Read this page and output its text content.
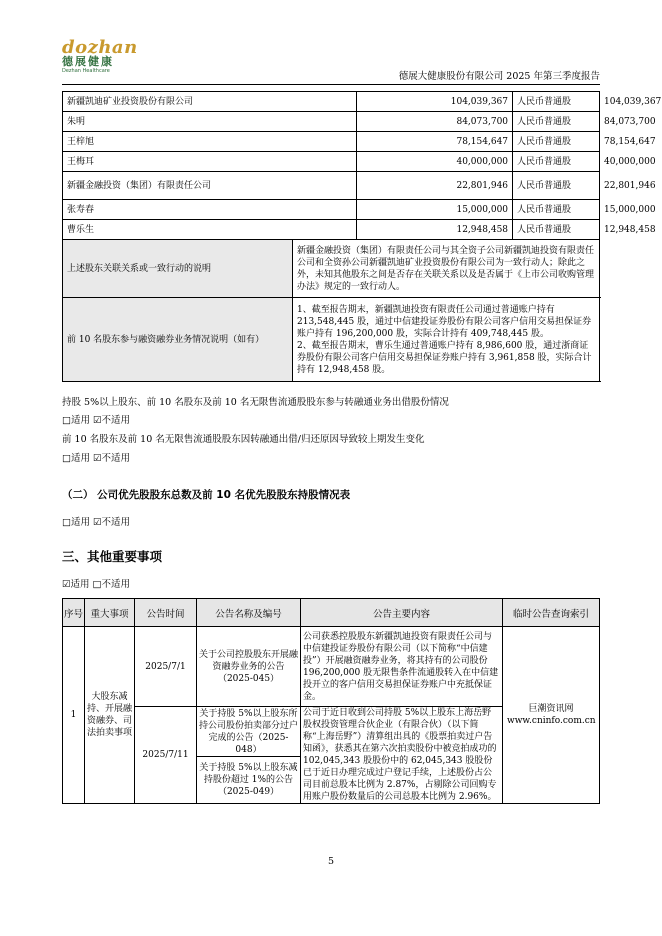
dozhan
德展健康
Dezhan Healthcare	德展大健康股份有限公司 2025 年第三季度报告
新疆凯迪矿业投资股份有限公司		104,039,367	人民币普通股	104,039,367
朱明		84,073,700	人民币普通股	84,073,700
王梓旭		78,154,647	人民币普通股	78,154,647
王梅耳		40,000,000	人民币普通股	40,000,000
新疆金融投资（集团）有限责任公司		22,801,946	人民币普通股	22,801,946
张寿春		15,000,000	人民币普通股	15,000,000
曹乐生		12,948,458	人民币普通股	12,948,458
上述股东关联关系或一致行动的说明	新疆金融投资（集团）有限责任公司与其全资子公司新疆凯迪投资有限责任公司和全资孙公司新疆凯迪矿业投资股份有限公司为一致行动人；除此之外，未知其他股东之间是否存在关联关系以及是否属于《上市公司收购管理办法》规定的一致行动人。			
前 10 名股东参与融资融券业务情况说明（如有）	1、截至报告期末，新疆凯迪投资有限责任公司通过普通账户持有 213,548,445 股，通过中信建投证券股份有限公司客户信用交易担保证券账户持有 196,200,000 股，实际合计持有 409,748,445 股。
2、截至报告期末，曹乐生通过普通账户持有 8,986,600 股，通过浙商证券股份有限公司客户信用交易担保证券账户持有 3,961,858 股，实际合计持有 12,948,458 股。			
持股 5%以上股东、前 10 名股东及前 10 名无限售流通股股东参与转融通业务出借股份情况
□适用 ☑不适用
前 10 名股东及前 10 名无限售流通股股东因转融通出借/归还原因导致较上期发生变化
□适用 ☑不适用
（二） 公司优先股股东总数及前 10 名优先股股东持股情况表
□适用 ☑不适用
三、其他重要事项
☑适用 □不适用
序号	重大事项	公告时间	公告名称及编号	公告主要内容	临时公告查询索引
1	大股东减持、开展融资融券、司法拍卖事项	2025/7/1	关于公司控股股东开展融资融券业务的公告（2025-045）	公司获悉控股股东新疆凯迪投资有限责任公司与中信建投证券股份有限公司（以下简称“中信建投”）开展融资融券业务，将其持有的公司股份 196,200,000 股无限售条件流通股转入在中信建投开立的客户信用交易担保证券账户中充抵保证金。	巨潮资讯网 www.cninfo.com.cn
		2025/7/11	关于持股 5%以上股东所持公司股份拍卖部分过户完成的公告（2025-048）	公司于近日收到公司持股 5%以上股东上海岳野股权投资管理合伙企业（有限合伙）（以下简称“上海岳野”）清算组出具的《股票拍卖过户告知函》，获悉其在第六次拍卖股份中被竞拍成功的 102,045,343 股股份中的 62,045,343 股股份已于近日办理完成过户登记手续，上述股份占公司目前总股本比例为 2.87%，占剔除公司回购专用账户股份数量后的公司总股本比例为 2.96%。	
			关于持股 5%以上股东减持股份超过 1%的公告（2025-049）		
5
